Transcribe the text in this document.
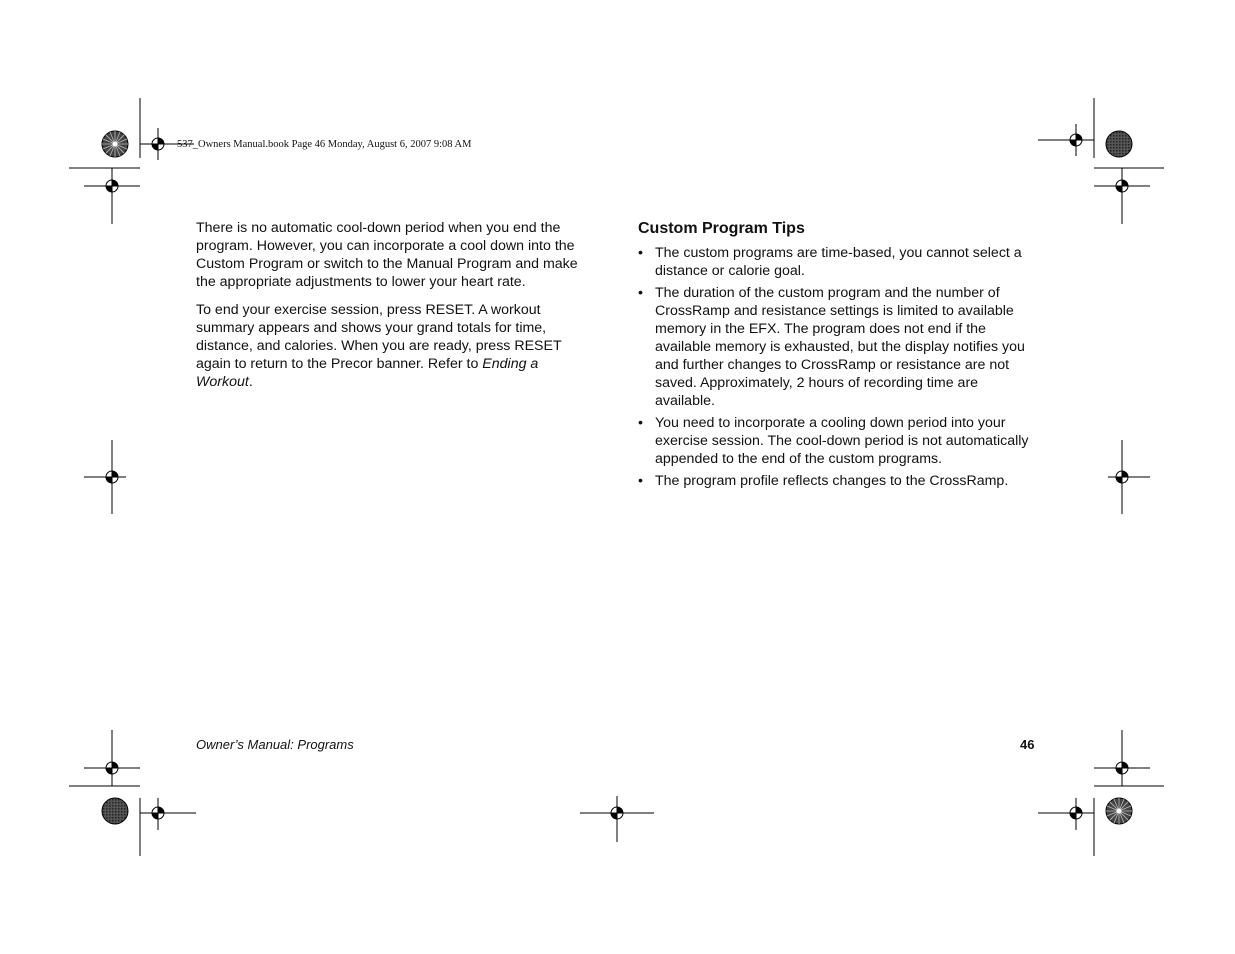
537_Owners Manual.book Page 46 Monday, August 6, 2007 9:08 AM

There is no automatic cool-down period when you end the program. However, you can incorporate a cool down into the Custom Program or switch to the Manual Program and make the appropriate adjustments to lower your heart rate.

To end your exercise session, press RESET. A workout summary appears and shows your grand totals for time, distance, and calories. When you are ready, press RESET again to return to the Precor banner. Refer to Ending a Workout.

Custom Program Tips
• The custom programs are time-based, you cannot select a distance or calorie goal.
• The duration of the custom program and the number of CrossRamp and resistance settings is limited to available memory in the EFX. The program does not end if the available memory is exhausted, but the display notifies you and further changes to CrossRamp or resistance are not saved. Approximately, 2 hours of recording time are available.
• You need to incorporate a cooling down period into your exercise session. The cool-down period is not automatically appended to the end of the custom programs.
• The program profile reflects changes to the CrossRamp.
Owner’s Manual: Programs	46
